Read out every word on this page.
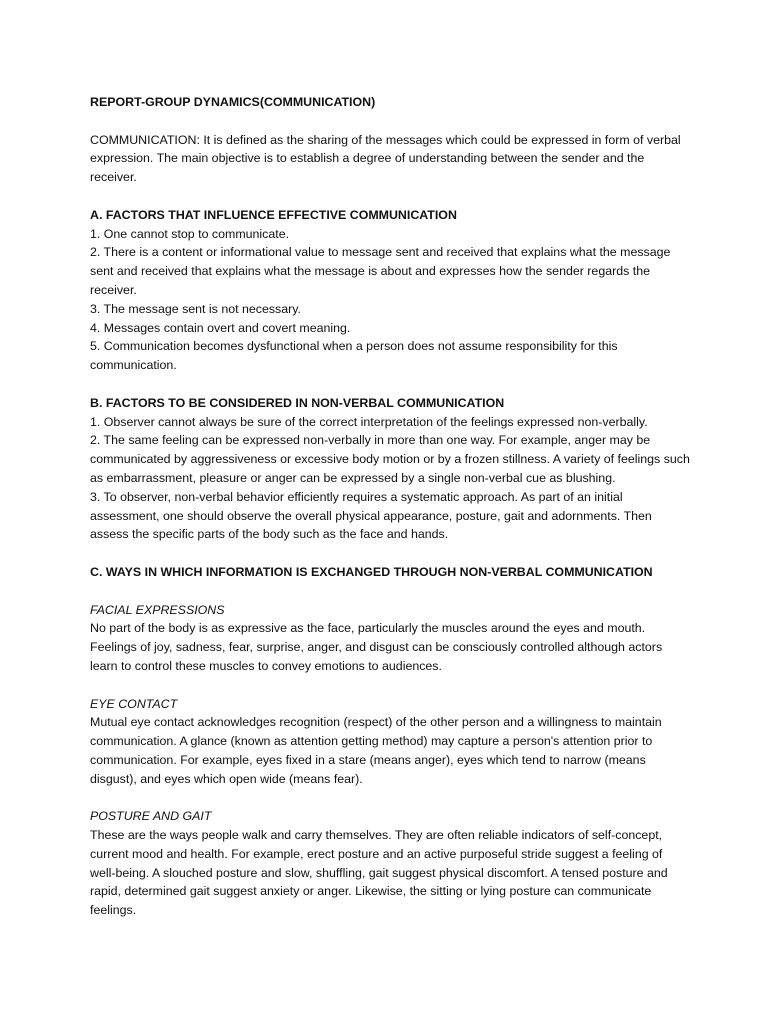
REPORT-GROUP DYNAMICS(COMMUNICATION)

COMMUNICATION: It is defined as the sharing of the messages which could be expressed in form of verbal expression. The main objective is to establish a degree of understanding between the sender and the receiver.

A. FACTORS THAT INFLUENCE EFFECTIVE COMMUNICATION

1. One cannot stop to communicate.

2. There is a content or informational value to message sent and received that explains what the message sent and received that explains what the message is about and expresses how the sender regards the receiver.

3. The message sent is not necessary.

4. Messages contain overt and covert meaning.

5. Communication becomes dysfunctional when a person does not assume responsibility for this communication.

B. FACTORS TO BE CONSIDERED IN NON-VERBAL COMMUNICATION

1. Observer cannot always be sure of the correct interpretation of the feelings expressed non-verbally.

2. The same feeling can be expressed non-verbally in more than one way. For example, anger may be communicated by aggressiveness or excessive body motion or by a frozen stillness. A variety of feelings such as embarrassment, pleasure or anger can be expressed by a single non-verbal cue as blushing.

3. To observer, non-verbal behavior efficiently requires a systematic approach. As part of an initial assessment, one should observe the overall physical appearance, posture, gait and adornments. Then assess the specific parts of the body such as the face and hands.

C. WAYS IN WHICH INFORMATION IS EXCHANGED THROUGH NON-VERBAL COMMUNICATION

FACIAL EXPRESSIONS

No part of the body is as expressive as the face, particularly the muscles around the eyes and mouth. Feelings of joy, sadness, fear, surprise, anger, and disgust can be consciously controlled although actors learn to control these muscles to convey emotions to audiences.

EYE CONTACT

Mutual eye contact acknowledges recognition (respect) of the other person and a willingness to maintain communication. A glance (known as attention getting method) may capture a person's attention prior to communication. For example, eyes fixed in a stare (means anger), eyes which tend to narrow (means disgust), and eyes which open wide (means fear).

POSTURE AND GAIT

These are the ways people walk and carry themselves. They are often reliable indicators of self-concept, current mood and health. For example, erect posture and an active purposeful stride suggest a feeling of well-being. A slouched posture and slow, shuffling, gait suggest physical discomfort. A tensed posture and rapid, determined gait suggest anxiety or anger. Likewise, the sitting or lying posture can communicate feelings.
